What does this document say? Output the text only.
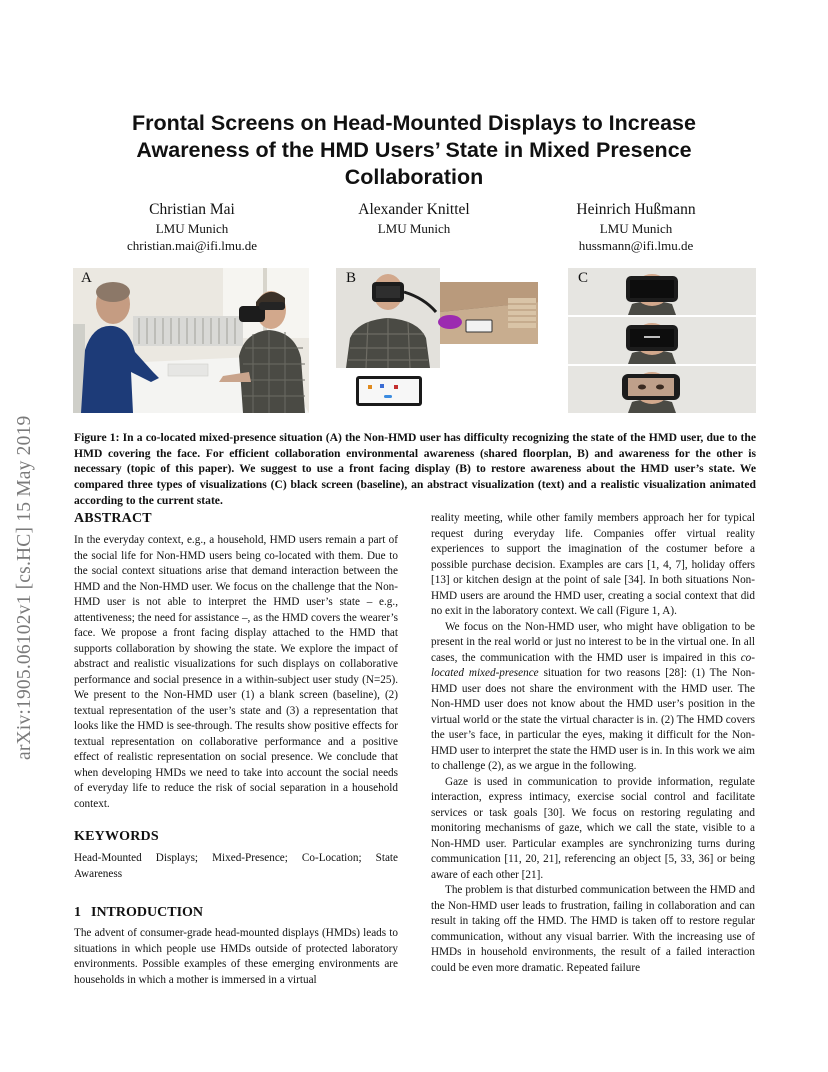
arXiv:1905.06102v1 [cs.HC] 15 May 2019
Frontal Screens on Head-Mounted Displays to Increase
Awareness of the HMD Users’ State in Mixed Presence
Collaboration
Christian Mai
LMU Munich
christian.mai@ifi.lmu.de
Alexander Knittel
LMU Munich
Heinrich Hußmann
LMU Munich
hussmann@ifi.lmu.de
A	B	C
Figure 1: In a co-located mixed-presence situation (A) the Non-HMD user has difficulty recognizing the state of the HMD user, due to the HMD covering the face. For efficient collaboration environmental awareness (shared floorplan, B) and awareness for the other is necessary (topic of this paper). We suggest to use a front facing display (B) to restore awareness about the HMD user’s state. We compared three types of visualizations (C) black screen (baseline), an abstract visualization (text) and a realistic visualization animated according to the current state.
ABSTRACT

In the everyday context, e.g., a household, HMD users remain a part of the social life for Non-HMD users being co-located with them. Due to the social context situations arise that demand interaction between the HMD and the Non-HMD user. We focus on the challenge that the Non-HMD user is not able to interpret the HMD user’s state – e.g., attentiveness; the need for assistance –, as the HMD covers the wearer’s face. We propose a front facing display attached to the HMD that supports collaboration by showing the state. We explore the impact of abstract and realistic visualizations for such displays on collaborative performance and social presence in a within-subject user study (N=25). We present to the Non-HMD user (1) a blank screen (baseline), (2) textual representation of the user’s state and (3) a representation that looks like the HMD is see-through. The results show positive effects for textual representation on collaborative performance and a positive effect of realistic representation on social presence. We conclude that when developing HMDs we need to take into account the social needs of everyday life to reduce the risk of social separation in a household context.

KEYWORDS

Head-Mounted Displays; Mixed-Presence; Co-Location; State Awareness

1 INTRODUCTION

The advent of consumer-grade head-mounted displays (HMDs) leads to situations in which people use HMDs outside of protected laboratory environments. Possible examples of these emerging environments are households in which a mother is immersed in a virtual

reality meeting, while other family members approach her for typical request during everyday life. Companies offer virtual reality experiences to support the imagination of the costumer before a possible purchase decision. Examples are cars [1, 4, 7], holiday offers [13] or kitchen design at the point of sale [34]. In both situations Non-HMD users are around the HMD user, creating a social context that did no exit in the laboratory context. We call (Figure 1, A).

We focus on the Non-HMD user, who might have obligation to be present in the real world or just no interest to be in the virtual one. In all cases, the communication with the HMD user is impaired in this co-located mixed-presence situation for two reasons [28]: (1) The Non-HMD user does not share the environment with the HMD user. The Non-HMD user does not know about the HMD user’s position in the virtual world or the state the virtual character is in. (2) The HMD covers the user’s face, in particular the eyes, making it difficult for the Non-HMD user to interpret the state the HMD user is in. In this work we aim to challenge (2), as we argue in the following.

Gaze is used in communication to provide information, regulate interaction, express intimacy, exercise social control and facilitate services or task goals [30]. We focus on restoring regulating and monitoring mechanisms of gaze, which we call the state, visible to a Non-HMD user. Particular examples are synchronizing turns during communication [11, 20, 21], referencing an object [5, 33, 36] or being aware of each other [21].

The problem is that disturbed communication between the HMD and the Non-HMD user leads to frustration, failing in collaboration and can result in taking off the HMD. The HMD is taken off to restore regular communication, without any visual barrier. With the increasing use of HMDs in household environments, the result of a failed interaction could be even more dramatic. Repeated failure
